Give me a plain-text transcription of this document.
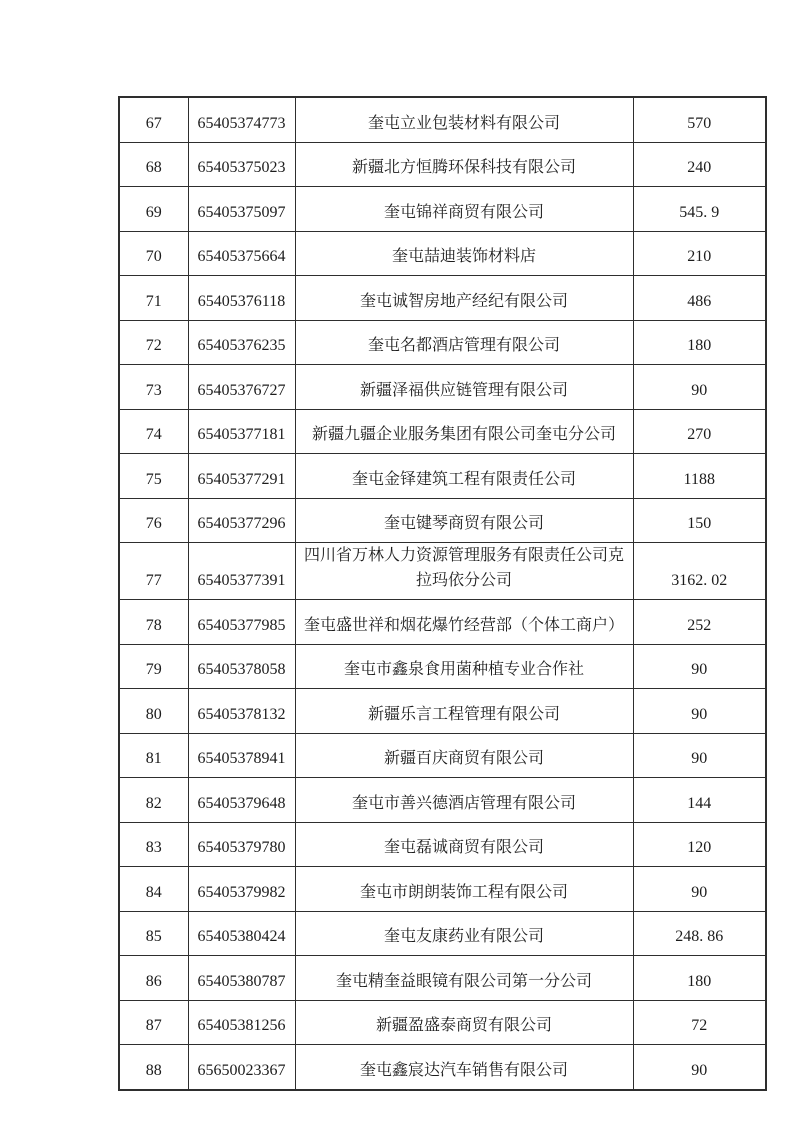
67	65405374773	奎屯立业包装材料有限公司	570
68	65405375023	新疆北方恒腾环保科技有限公司	240
69	65405375097	奎屯锦祥商贸有限公司	545. 9
70	65405375664	奎屯喆迪装饰材料店	210
71	65405376118	奎屯诚智房地产经纪有限公司	486
72	65405376235	奎屯名都酒店管理有限公司	180
73	65405376727	新疆泽福供应链管理有限公司	90
74	65405377181	新疆九疆企业服务集团有限公司奎屯分公司	270
75	65405377291	奎屯金铎建筑工程有限责任公司	1188
76	65405377296	奎屯键琴商贸有限公司	150
77	65405377391	四川省万林人力资源管理服务有限责任公司克拉玛依分公司	3162. 02
78	65405377985	奎屯盛世祥和烟花爆竹经营部（个体工商户）	252
79	65405378058	奎屯市鑫泉食用菌种植专业合作社	90
80	65405378132	新疆乐言工程管理有限公司	90
81	65405378941	新疆百庆商贸有限公司	90
82	65405379648	奎屯市善兴德酒店管理有限公司	144
83	65405379780	奎屯磊诚商贸有限公司	120
84	65405379982	奎屯市朗朗装饰工程有限公司	90
85	65405380424	奎屯友康药业有限公司	248. 86
86	65405380787	奎屯精奎益眼镜有限公司第一分公司	180
87	65405381256	新疆盈盛泰商贸有限公司	72
88	65650023367	奎屯鑫宸达汽车销售有限公司	90
